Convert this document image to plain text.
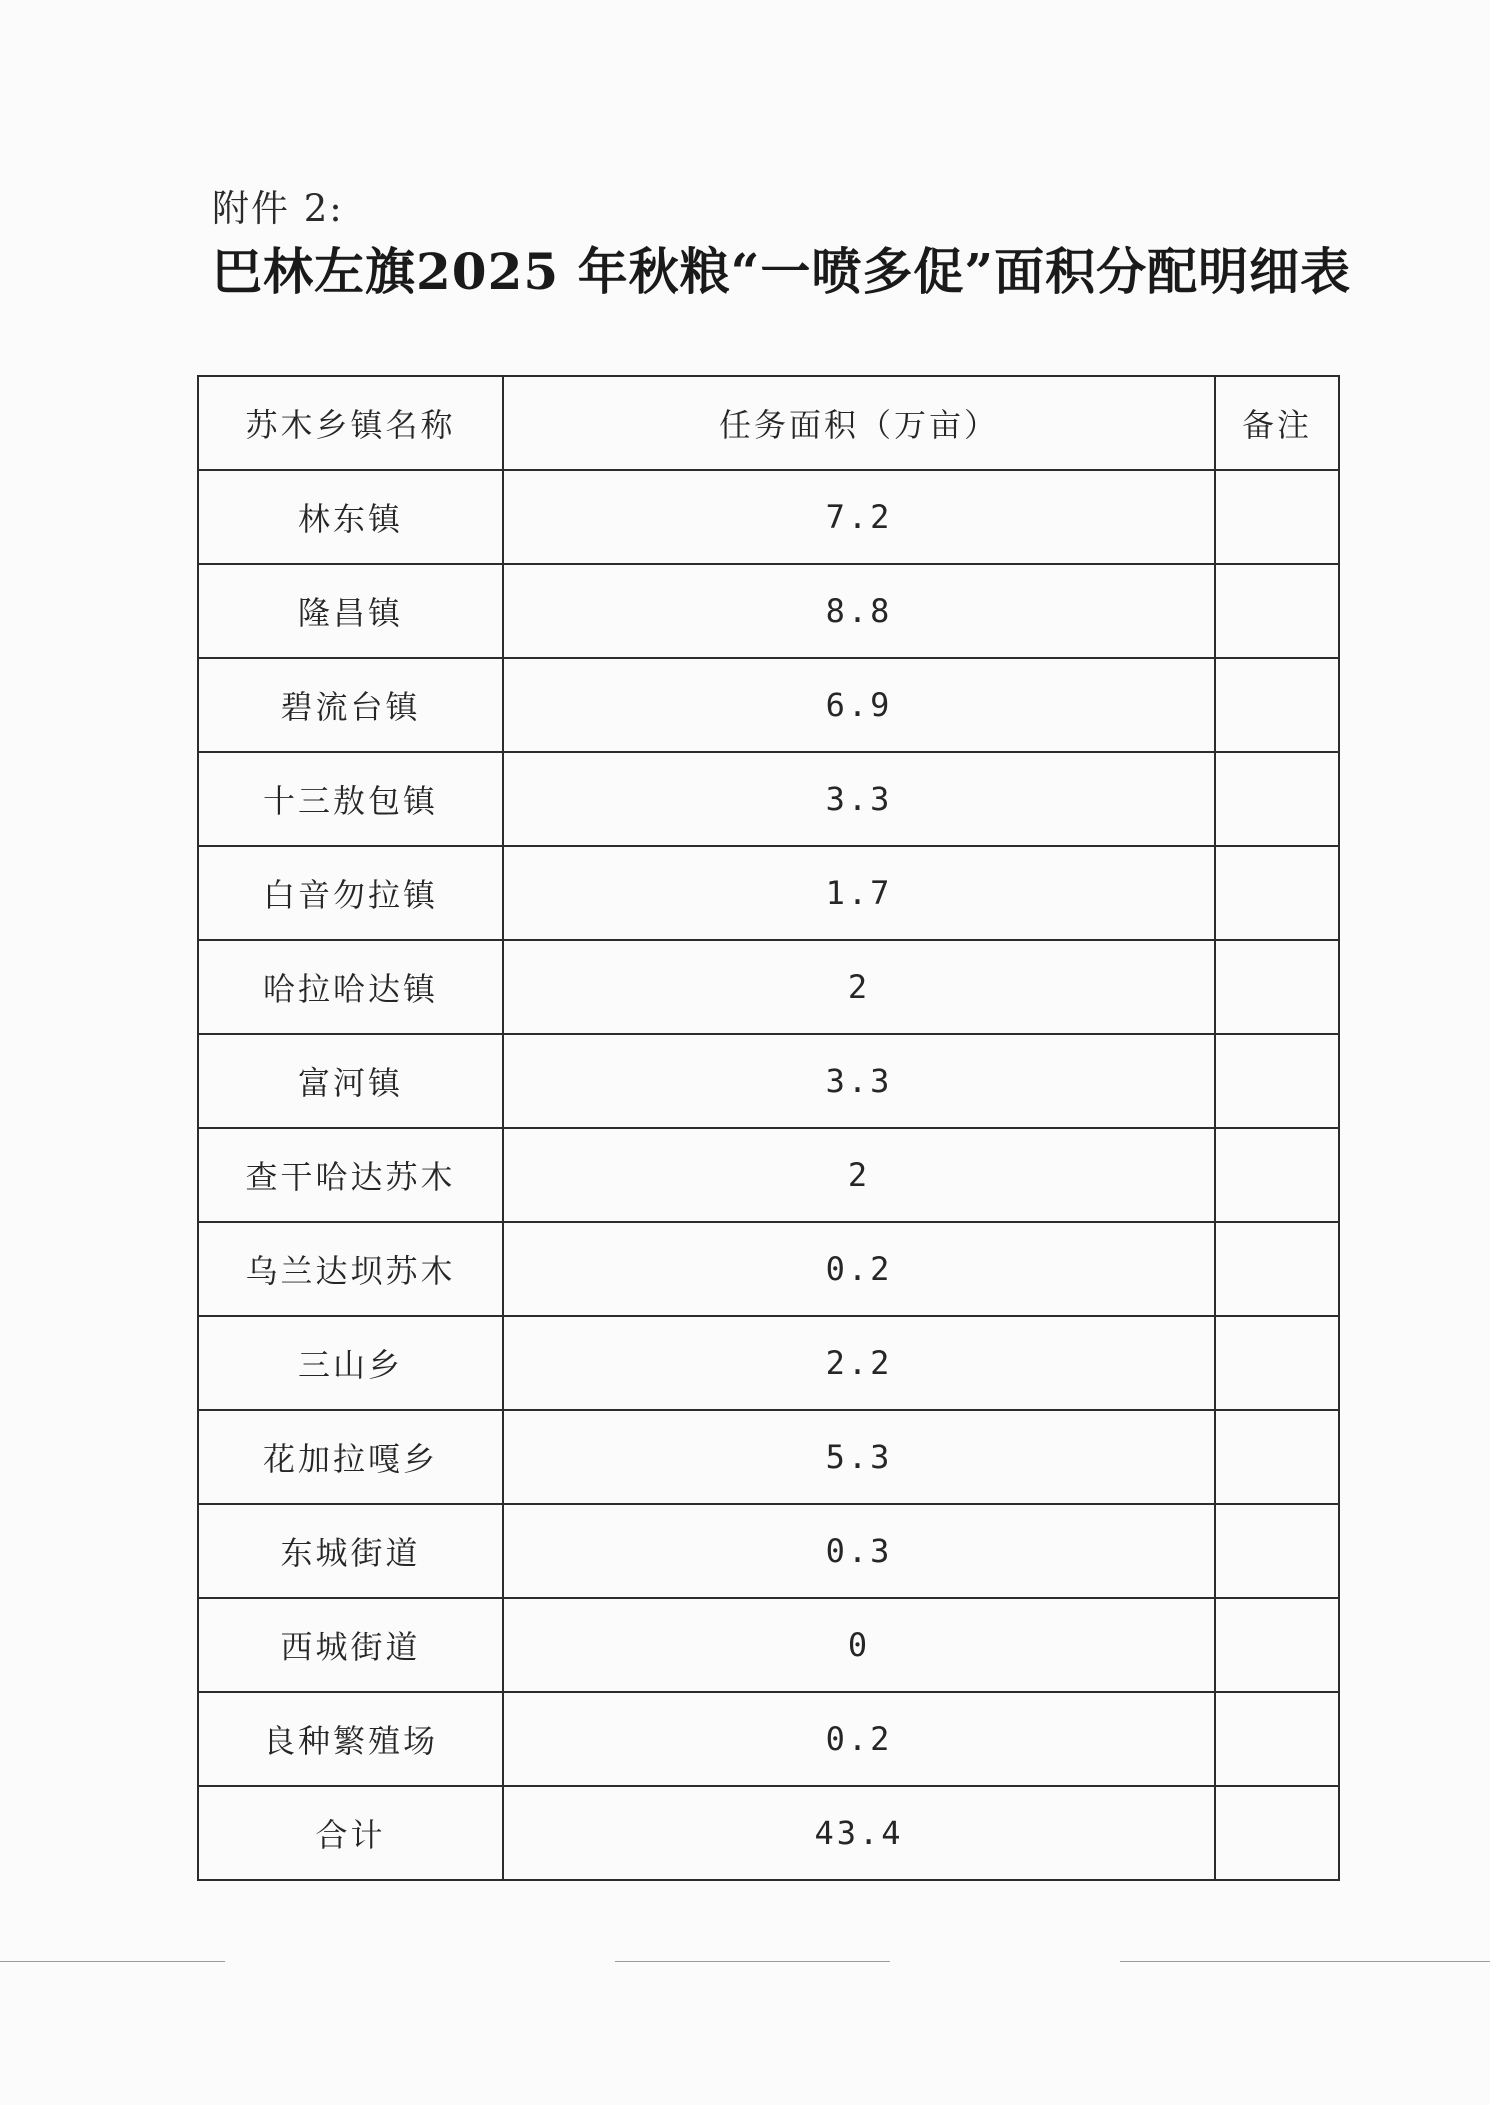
附件 2:
巴林左旗2025 年秋粮“一喷多促”面积分配明细表
苏木乡镇名称	任务面积（万亩）	备注
林东镇	7.2	
隆昌镇	8.8	
碧流台镇	6.9	
十三敖包镇	3.3	
白音勿拉镇	1.7	
哈拉哈达镇	2	
富河镇	3.3	
查干哈达苏木	2	
乌兰达坝苏木	0.2	
三山乡	2.2	
花加拉嘎乡	5.3	
东城街道	0.3	
西城街道	0	
良种繁殖场	0.2	
合计	43.4	
